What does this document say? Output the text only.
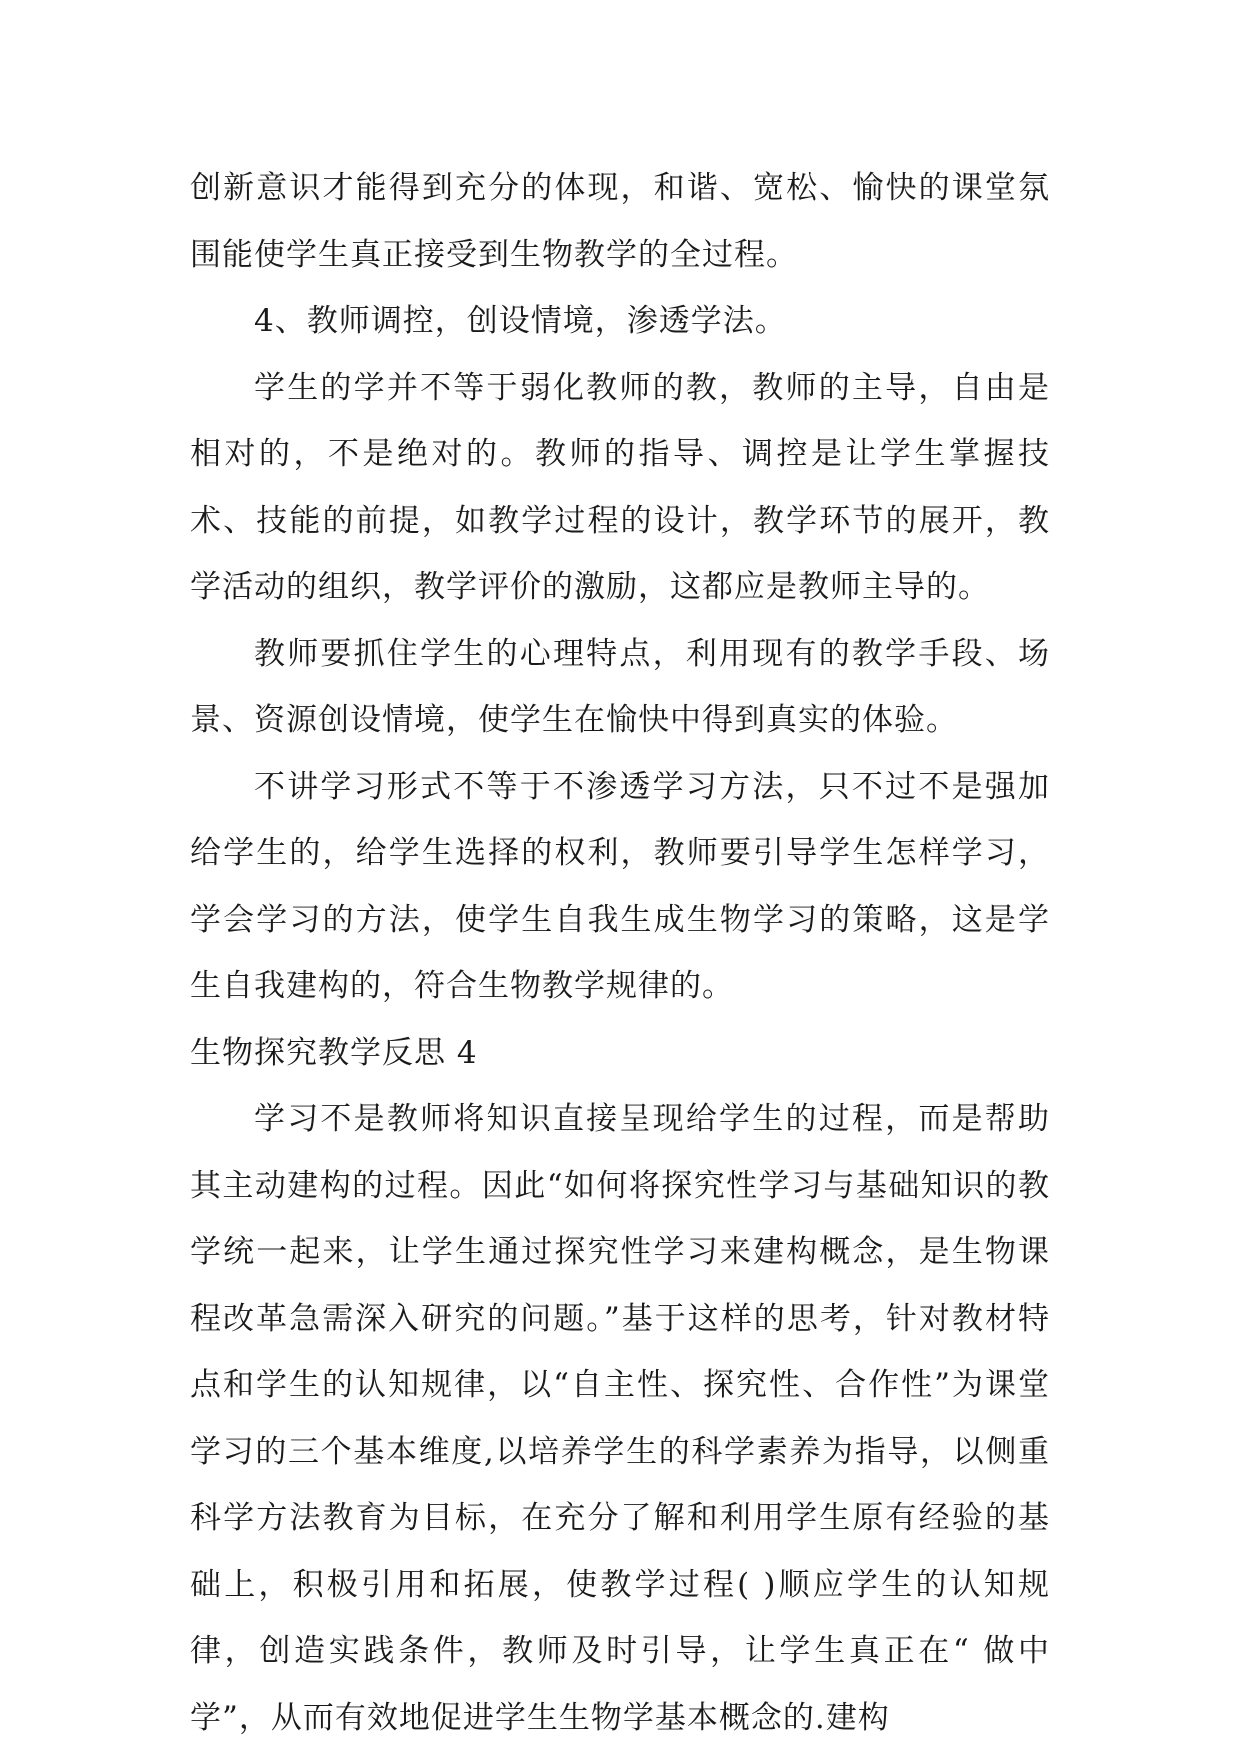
创新意识才能得到充分的体现，和谐、宽松、愉快的课堂氛围能使学生真正接受到生物教学的全过程。

4、教师调控，创设情境，渗透学法。

学生的学并不等于弱化教师的教，教师的主导，自由是相对的，不是绝对的。教师的指导、调控是让学生掌握技术、技能的前提，如教学过程的设计，教学环节的展开，教学活动的组织，教学评价的激励，这都应是教师主导的。

教师要抓住学生的心理特点，利用现有的教学手段、场景、资源创设情境，使学生在愉快中得到真实的体验。

不讲学习形式不等于不渗透学习方法，只不过不是强加给学生的，给学生选择的权利，教师要引导学生怎样学习，学会学习的方法，使学生自我生成生物学习的策略，这是学生自我建构的，符合生物教学规律的。

生物探究教学反思 4

学习不是教师将知识直接呈现给学生的过程，而是帮助其主动建构的过程。因此“如何将探究性学习与基础知识的教学统一起来，让学生通过探究性学习来建构概念，是生物课程改革急需深入研究的问题。”基于这样的思考，针对教材特点和学生的认知规律，以“自主性、探究性、合作性”为课堂学习的三个基本维度,以培养学生的科学素养为指导，以侧重科学方法教育为目标，在充分了解和利用学生原有经验的基础上，积极引用和拓展，使教学过程( )顺应学生的认知规律，创造实践条件，教师及时引导，让学生真正在“ 做中学”，从而有效地促进学生生物学基本概念的.建构
